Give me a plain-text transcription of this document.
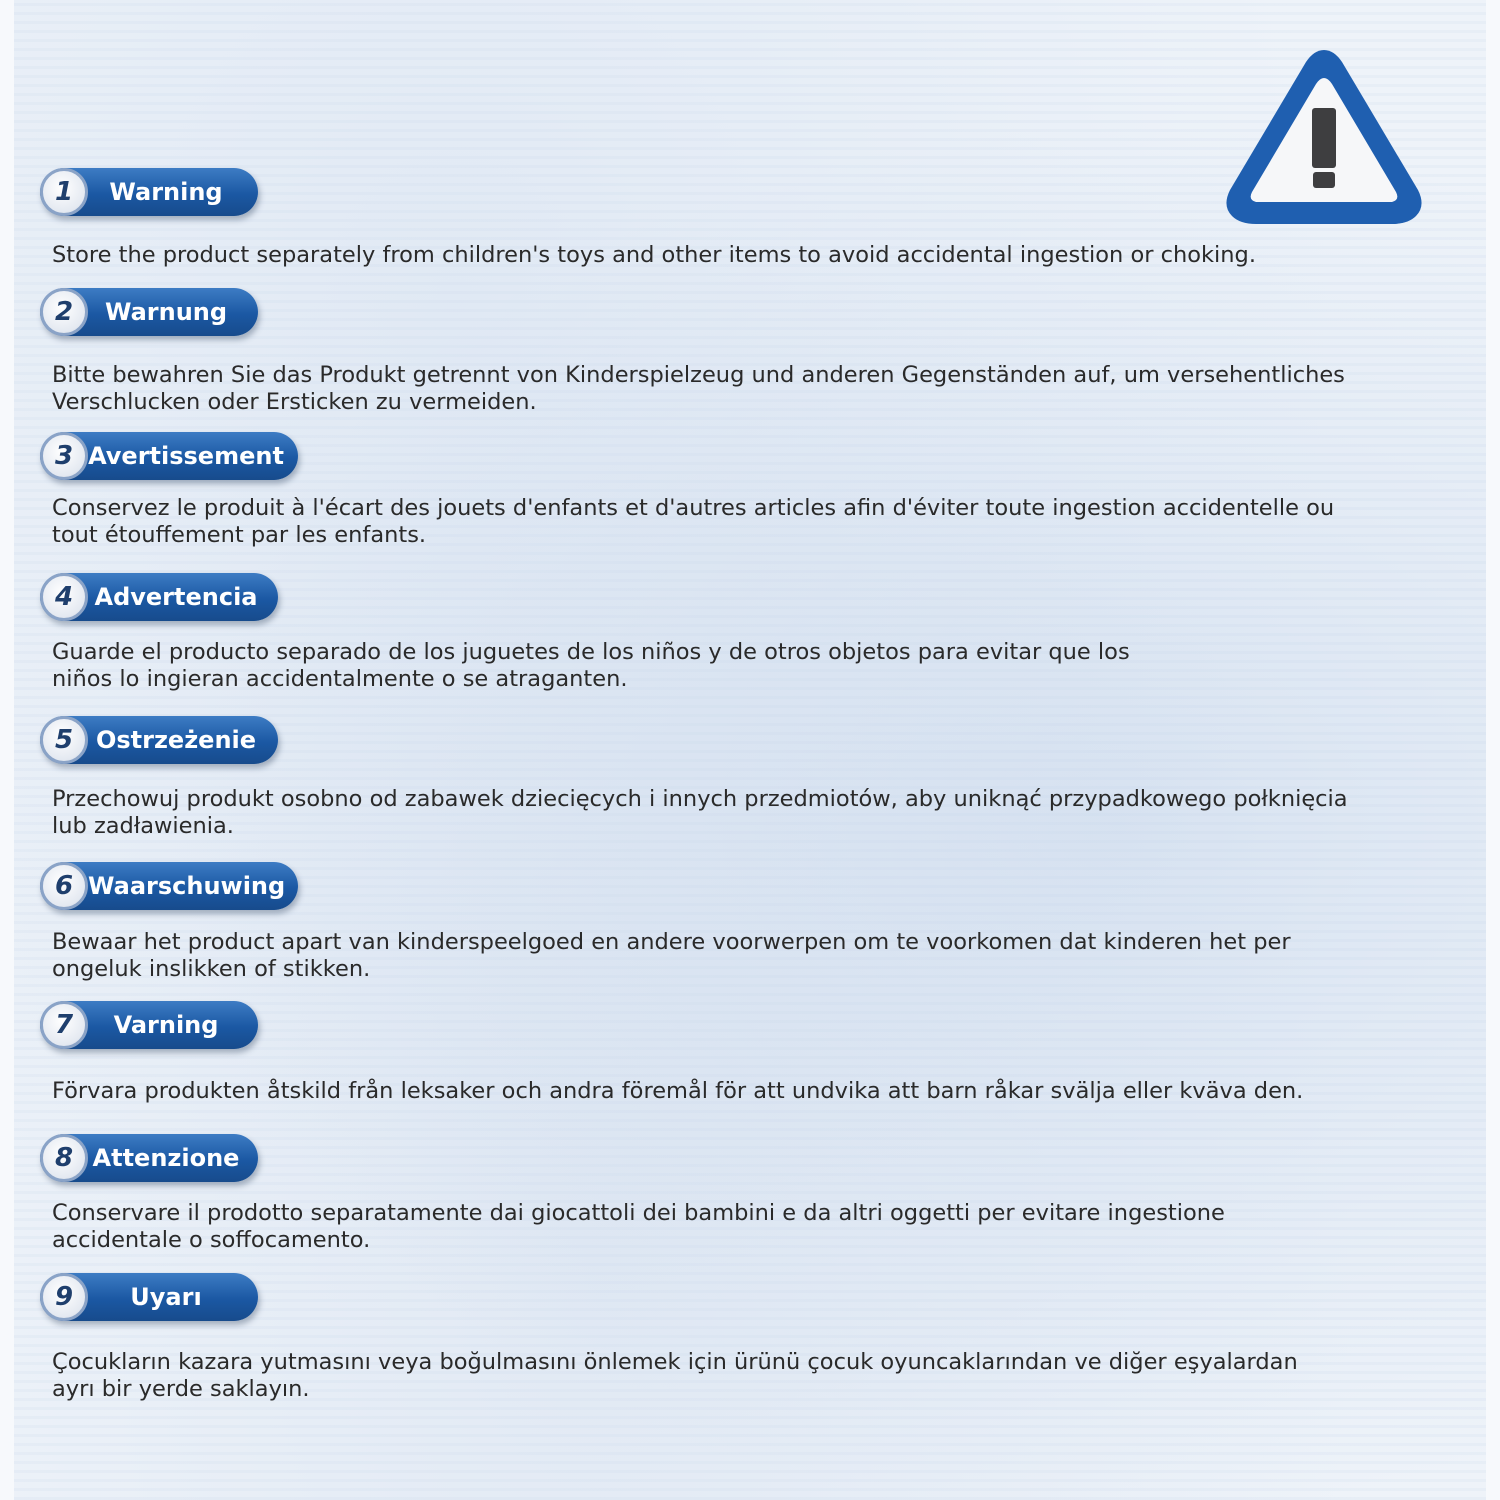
1	Warning
Store the product separately from children's toys and other items to avoid accidental ingestion or choking.
2	Warnung
Bitte bewahren Sie das Produkt getrennt von Kinderspielzeug und anderen Gegenständen auf, um versehentliches
Verschlucken oder Ersticken zu vermeiden.
3 Avertissement
Conservez le produit à l'écart des jouets d'enfants et d'autres articles afin d'éviter toute ingestion accidentelle ou
tout étouffement par les enfants.
4 Advertencia
Guarde el producto separado de los juguetes de los niños y de otros objetos para evitar que los
niños lo ingieran accidentalmente o se atraganten.
5 Ostrzeżenie
Przechowuj produkt osobno od zabawek dziecięcych i innych przedmiotów, aby uniknąć przypadkowego połknięcia
lub zadławienia.
6 Waarschuwing
Bewaar het product apart van kinderspeelgoed en andere voorwerpen om te voorkomen dat kinderen het per
ongeluk inslikken of stikken.
7	Varning
Förvara produkten åtskild från leksaker och andra föremål för att undvika att barn råkar svälja eller kväva den.
8 Attenzione
Conservare il prodotto separatamente dai giocattoli dei bambini e da altri oggetti per evitare ingestione
accidentale o soffocamento.
9	Uyarı
Çocukların kazara yutmasını veya boğulmasını önlemek için ürünü çocuk oyuncaklarından ve diğer eşyalardan
ayrı bir yerde saklayın.
